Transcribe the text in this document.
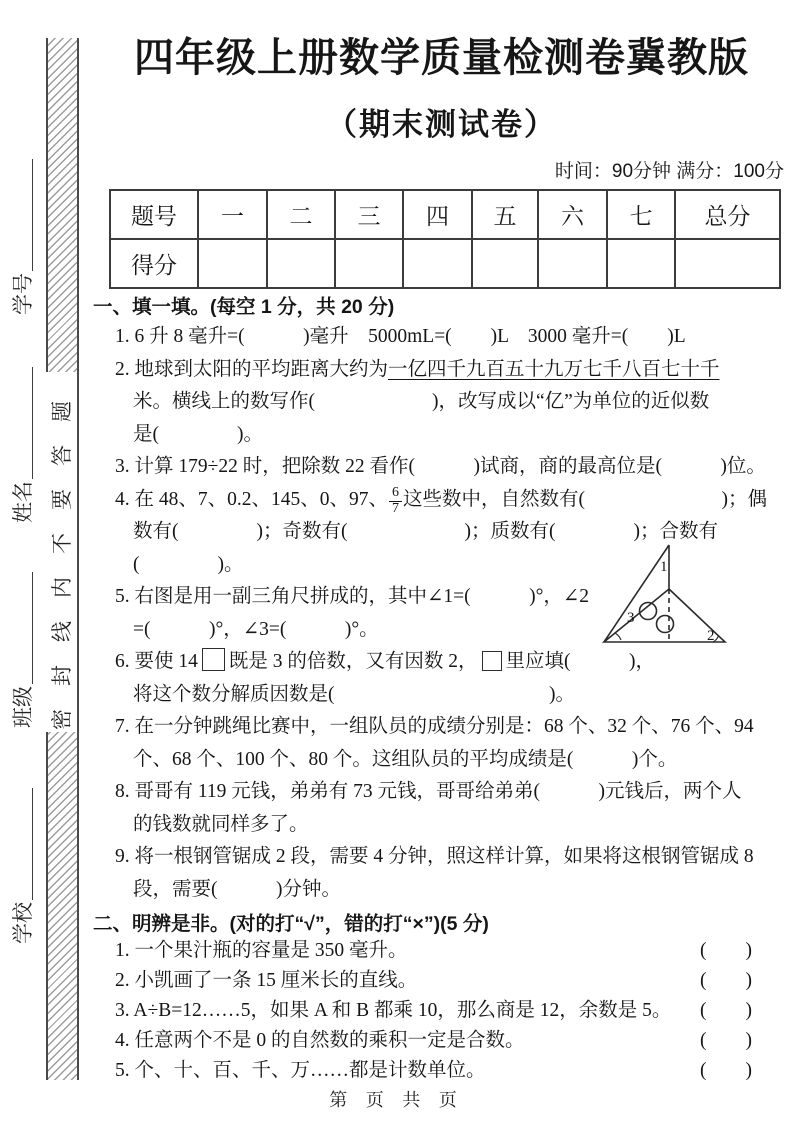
密封线内不要答题
学号
姓名
班级
学校
四年级上册数学质量检测卷冀教版
（期末测试卷）
时间：90分钟 满分：100分
题号	一	二	三	四	五	六	七	总分
得分								
一、填一填。(每空 1 分，共 20 分)
1. 6 升 8 毫升=(　　　)毫升　5000mL=(　　)L　3000 毫升=(　　)L
2. 地球到太阳的平均距离大约为一亿四千九百五十九万七千八百七十千
米。横线上的数写作(　　　　　　)，改写成以“亿”为单位的近似数
是(　　　　)。
3. 计算 179÷22 时，把除数 22 看作(　　　)试商，商的最高位是(　　　)位。
4. 在 48、7、0.2、145、0、97、 $\frac{6}{7}$ 这些数中，自然数有(　　　　　　　)；偶
数有(　　　　)；奇数有(　　　　　　)；质数有(　　　　)；合数有
(　　　　)。
5. 右图是用一副三角尺拼成的，其中∠1=(　　　)°，∠2
=(　　　)°，∠3=(　　　)°。
6. 要使 14 既是 3 的倍数，又有因数 2， 里应填(　　　)，
将这个数分解质因数是(　　　　　　　　　　　)。
7. 在一分钟跳绳比赛中，一组队员的成绩分别是：68 个、32 个、76 个、94
个、68 个、100 个、80 个。这组队员的平均成绩是(　　　)个。
8. 哥哥有 119 元钱，弟弟有 73 元钱，哥哥给弟弟(　　　)元钱后，两个人
的钱数就同样多了。
9. 将一根钢管锯成 2 段，需要 4 分钟，照这样计算，如果将这根钢管锯成 8
段，需要(　　　)分钟。
二、明辨是非。(对的打“√”，错的打“×”)(5 分)
1. 一个果汁瓶的容量是 350 毫升。	(　　)
2. 小凯画了一条 15 厘米长的直线。	(　　)
3. A÷B=12……5，如果 A 和 B 都乘 10，那么商是 12，余数是 5。 (　　)
4. 任意两个不是 0 的自然数的乘积一定是合数。	(　　)
5. 个、十、百、千、万……都是计数单位。	(　　)
1
2
3
第 页 共 页
